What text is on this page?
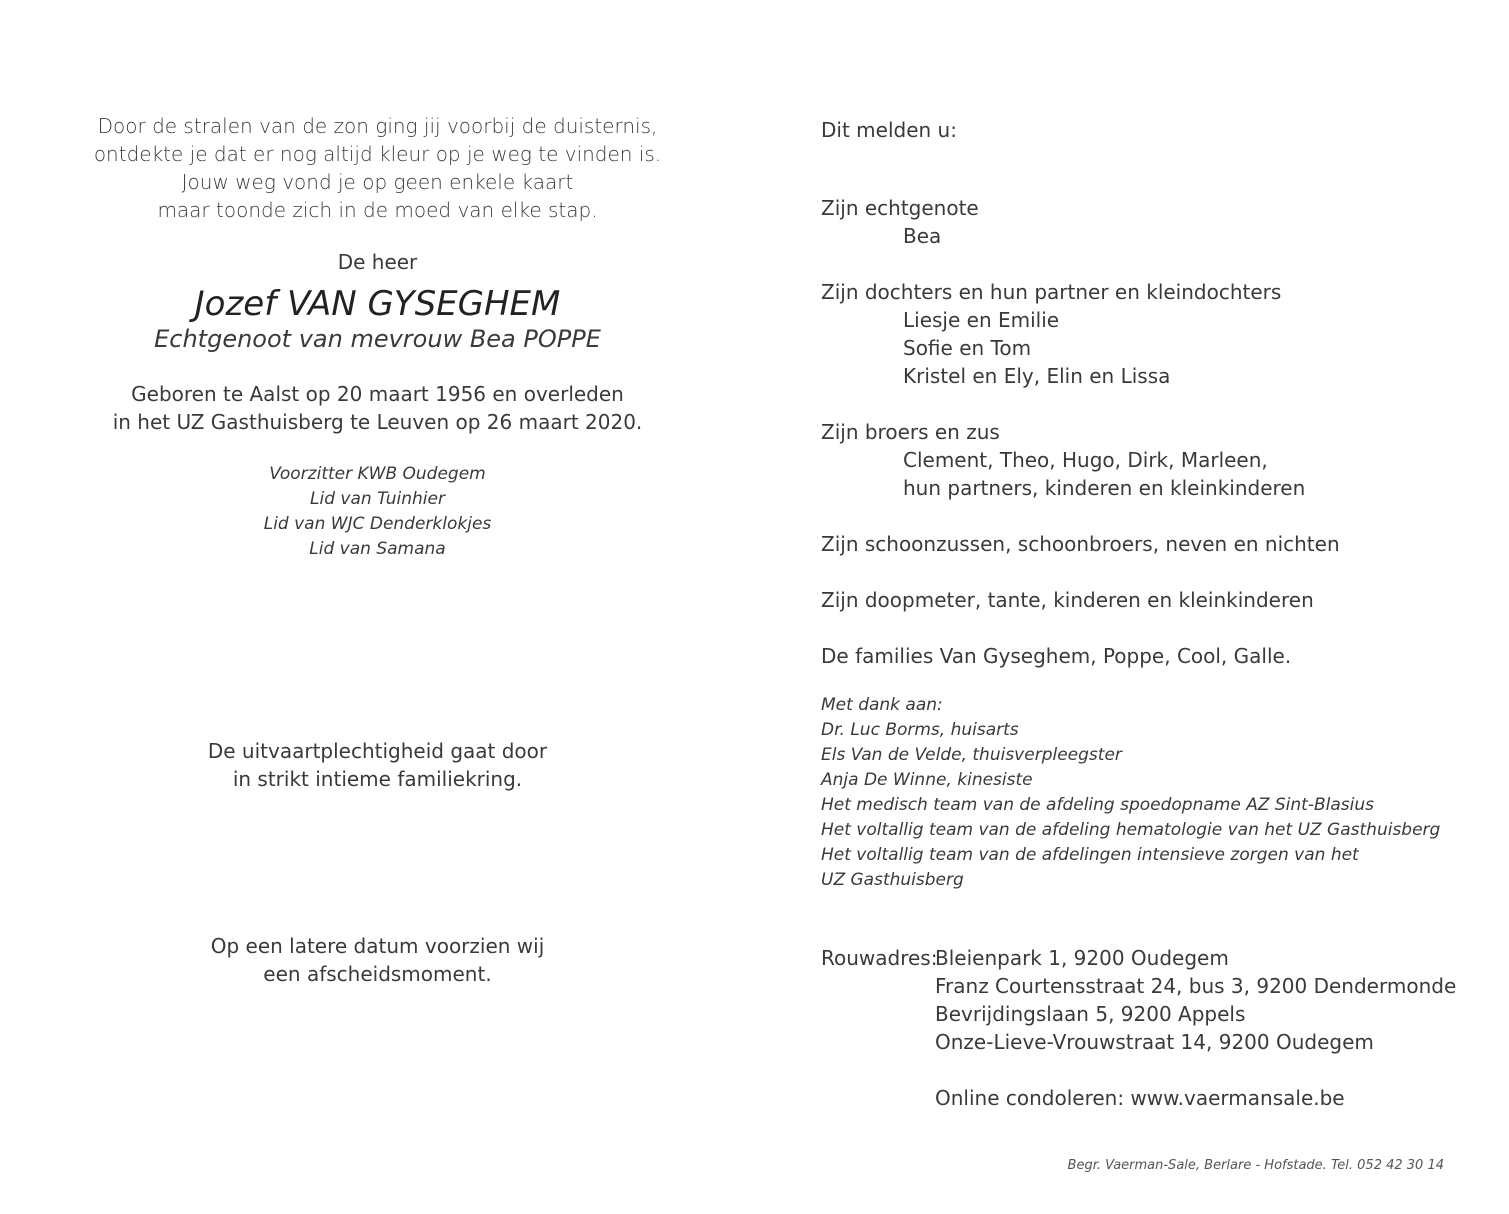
Door de stralen van de zon ging jij voorbij de duisternis,
ontdekte je dat er nog altijd kleur op je weg te vinden is.
Jouw weg vond je op geen enkele kaart
maar toonde zich in de moed van elke stap.
De heer
Jozef VAN GYSEGHEM
Echtgenoot van mevrouw Bea POPPE
Geboren te Aalst op 20 maart 1956 en overleden
in het UZ Gasthuisberg te Leuven op 26 maart 2020.
Voorzitter KWB Oudegem
Lid van Tuinhier
Lid van WJC Denderklokjes
Lid van Samana
De uitvaartplechtigheid gaat door
in strikt intieme familiekring.
Op een latere datum voorzien wij
een afscheidsmoment.
Dit melden u:
Zijn echtgenote
Bea
Zijn dochters en hun partner en kleindochters
Liesje en Emilie
Sofie en Tom
Kristel en Ely, Elin en Lissa
Zijn broers en zus
Clement, Theo, Hugo, Dirk, Marleen,
hun partners, kinderen en kleinkinderen
Zijn schoonzussen, schoonbroers, neven en nichten
Zijn doopmeter, tante, kinderen en kleinkinderen
De families Van Gyseghem, Poppe, Cool, Galle.
Met dank aan:
Dr. Luc Borms, huisarts
Els Van de Velde, thuisverpleegster
Anja De Winne, kinesiste
Het medisch team van de afdeling spoedopname AZ Sint-Blasius
Het voltallig team van de afdeling hematologie van het UZ Gasthuisberg
Het voltallig team van de afdelingen intensieve zorgen van het
UZ Gasthuisberg
Rouwadres:
Bleienpark 1, 9200 Oudegem
Franz Courtensstraat 24, bus 3, 9200 Dendermonde
Bevrijdingslaan 5, 9200 Appels
Onze-Lieve-Vrouwstraat 14, 9200 Oudegem
Online condoleren: www.vaermansale.be
Begr. Vaerman-Sale, Berlare - Hofstade. Tel. 052 42 30 14
